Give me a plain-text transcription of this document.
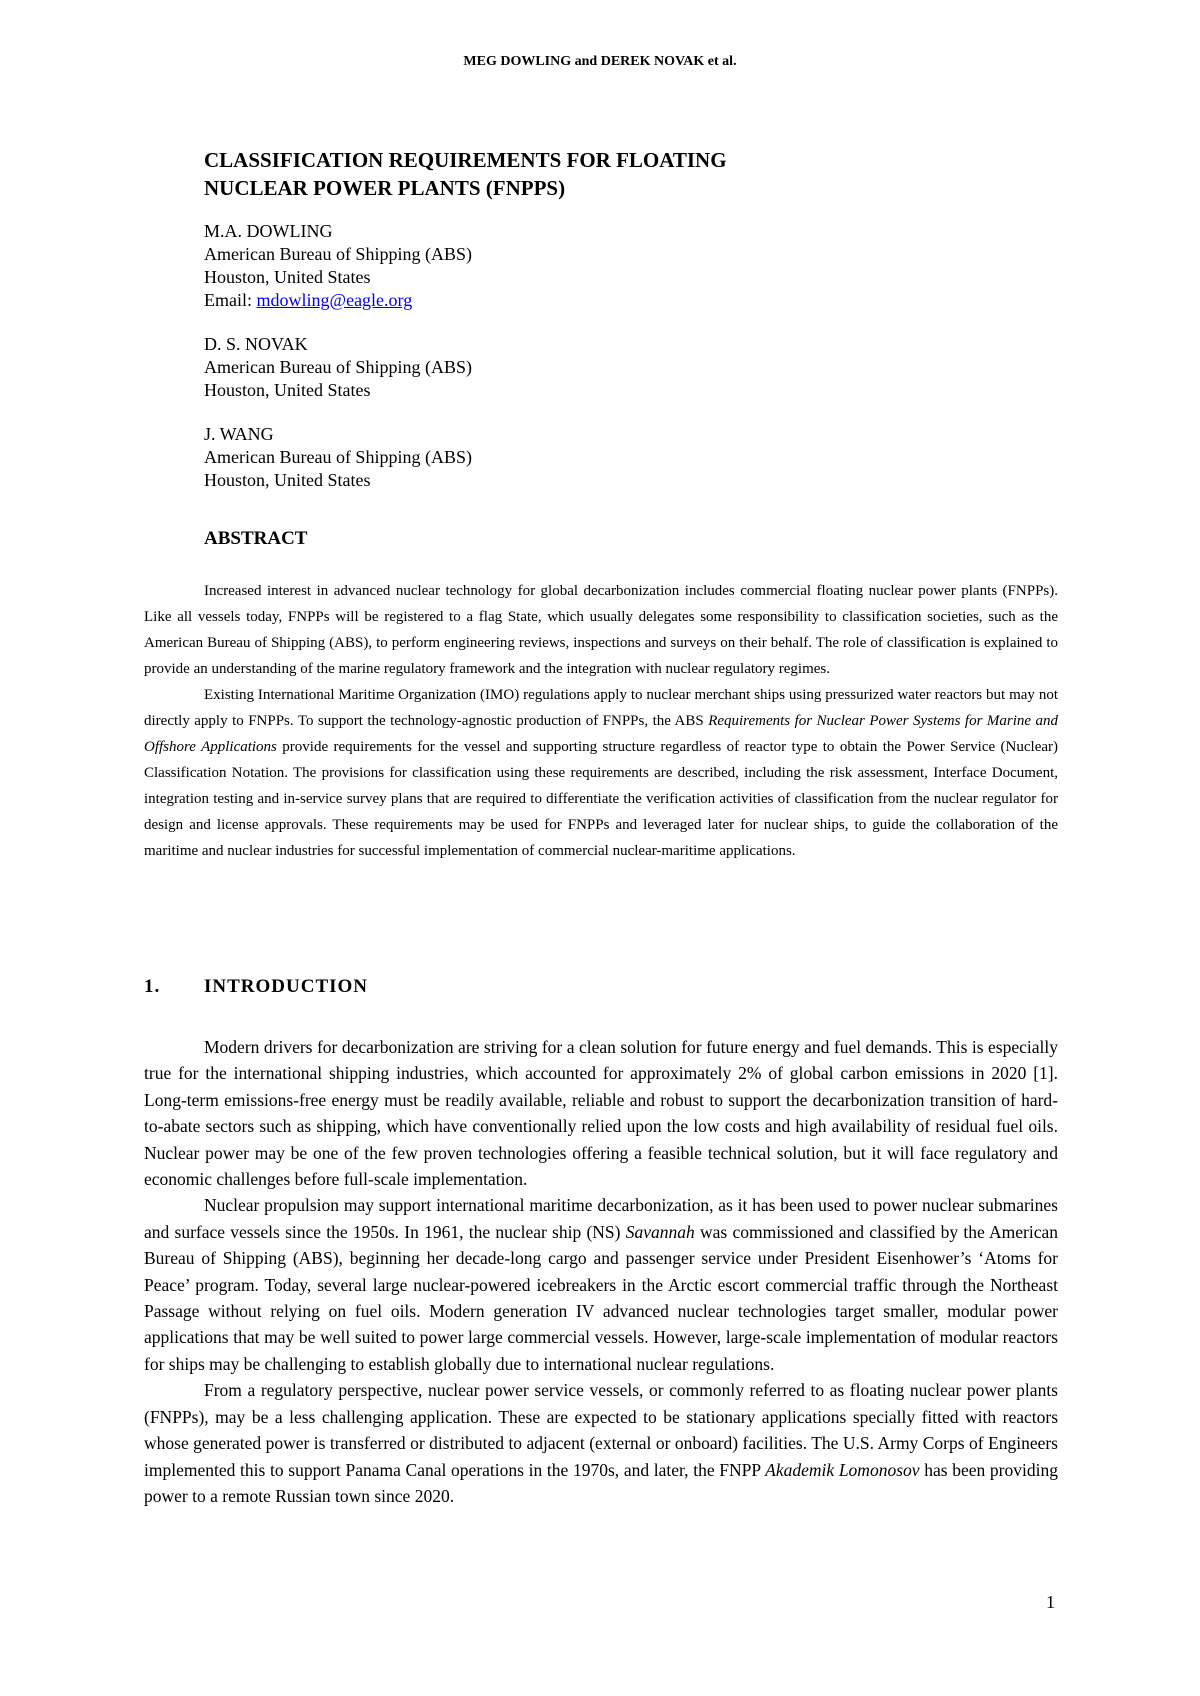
MEG DOWLING and DEREK NOVAK et al.
CLASSIFICATION REQUIREMENTS FOR FLOATING
NUCLEAR POWER PLANTS (FNPPS)
M.A. DOWLING
American Bureau of Shipping (ABS)
Houston, United States
Email: mdowling@eagle.org
D. S. NOVAK
American Bureau of Shipping (ABS)
Houston, United States
J. WANG
American Bureau of Shipping (ABS)
Houston, United States
ABSTRACT

Increased interest in advanced nuclear technology for global decarbonization includes commercial floating nuclear power plants (FNPPs). Like all vessels today, FNPPs will be registered to a flag State, which usually delegates some responsibility to classification societies, such as the American Bureau of Shipping (ABS), to perform engineering reviews, inspections and surveys on their behalf. The role of classification is explained to provide an understanding of the marine regulatory framework and the integration with nuclear regulatory regimes.

Existing International Maritime Organization (IMO) regulations apply to nuclear merchant ships using pressurized water reactors but may not directly apply to FNPPs. To support the technology-agnostic production of FNPPs, the ABS Requirements for Nuclear Power Systems for Marine and Offshore Applications provide requirements for the vessel and supporting structure regardless of reactor type to obtain the Power Service (Nuclear) Classification Notation. The provisions for classification using these requirements are described, including the risk assessment, Interface Document, integration testing and in-service survey plans that are required to differentiate the verification activities of classification from the nuclear regulator for design and license approvals. These requirements may be used for FNPPs and leveraged later for nuclear ships, to guide the collaboration of the maritime and nuclear industries for successful implementation of commercial nuclear-maritime applications.

1. INTRODUCTION

Modern drivers for decarbonization are striving for a clean solution for future energy and fuel demands. This is especially true for the international shipping industries, which accounted for approximately 2% of global carbon emissions in 2020 [1]. Long-term emissions-free energy must be readily available, reliable and robust to support the decarbonization transition of hard-to-abate sectors such as shipping, which have conventionally relied upon the low costs and high availability of residual fuel oils. Nuclear power may be one of the few proven technologies offering a feasible technical solution, but it will face regulatory and economic challenges before full-scale implementation.

Nuclear propulsion may support international maritime decarbonization, as it has been used to power nuclear submarines and surface vessels since the 1950s. In 1961, the nuclear ship (NS) Savannah was commissioned and classified by the American Bureau of Shipping (ABS), beginning her decade-long cargo and passenger service under President Eisenhower’s ‘Atoms for Peace’ program. Today, several large nuclear-powered icebreakers in the Arctic escort commercial traffic through the Northeast Passage without relying on fuel oils. Modern generation IV advanced nuclear technologies target smaller, modular power applications that may be well suited to power large commercial vessels. However, large-scale implementation of modular reactors for ships may be challenging to establish globally due to international nuclear regulations.

From a regulatory perspective, nuclear power service vessels, or commonly referred to as floating nuclear power plants (FNPPs), may be a less challenging application. These are expected to be stationary applications specially fitted with reactors whose generated power is transferred or distributed to adjacent (external or onboard) facilities. The U.S. Army Corps of Engineers implemented this to support Panama Canal operations in the 1970s, and later, the FNPP Akademik Lomonosov has been providing power to a remote Russian town since 2020.

1
